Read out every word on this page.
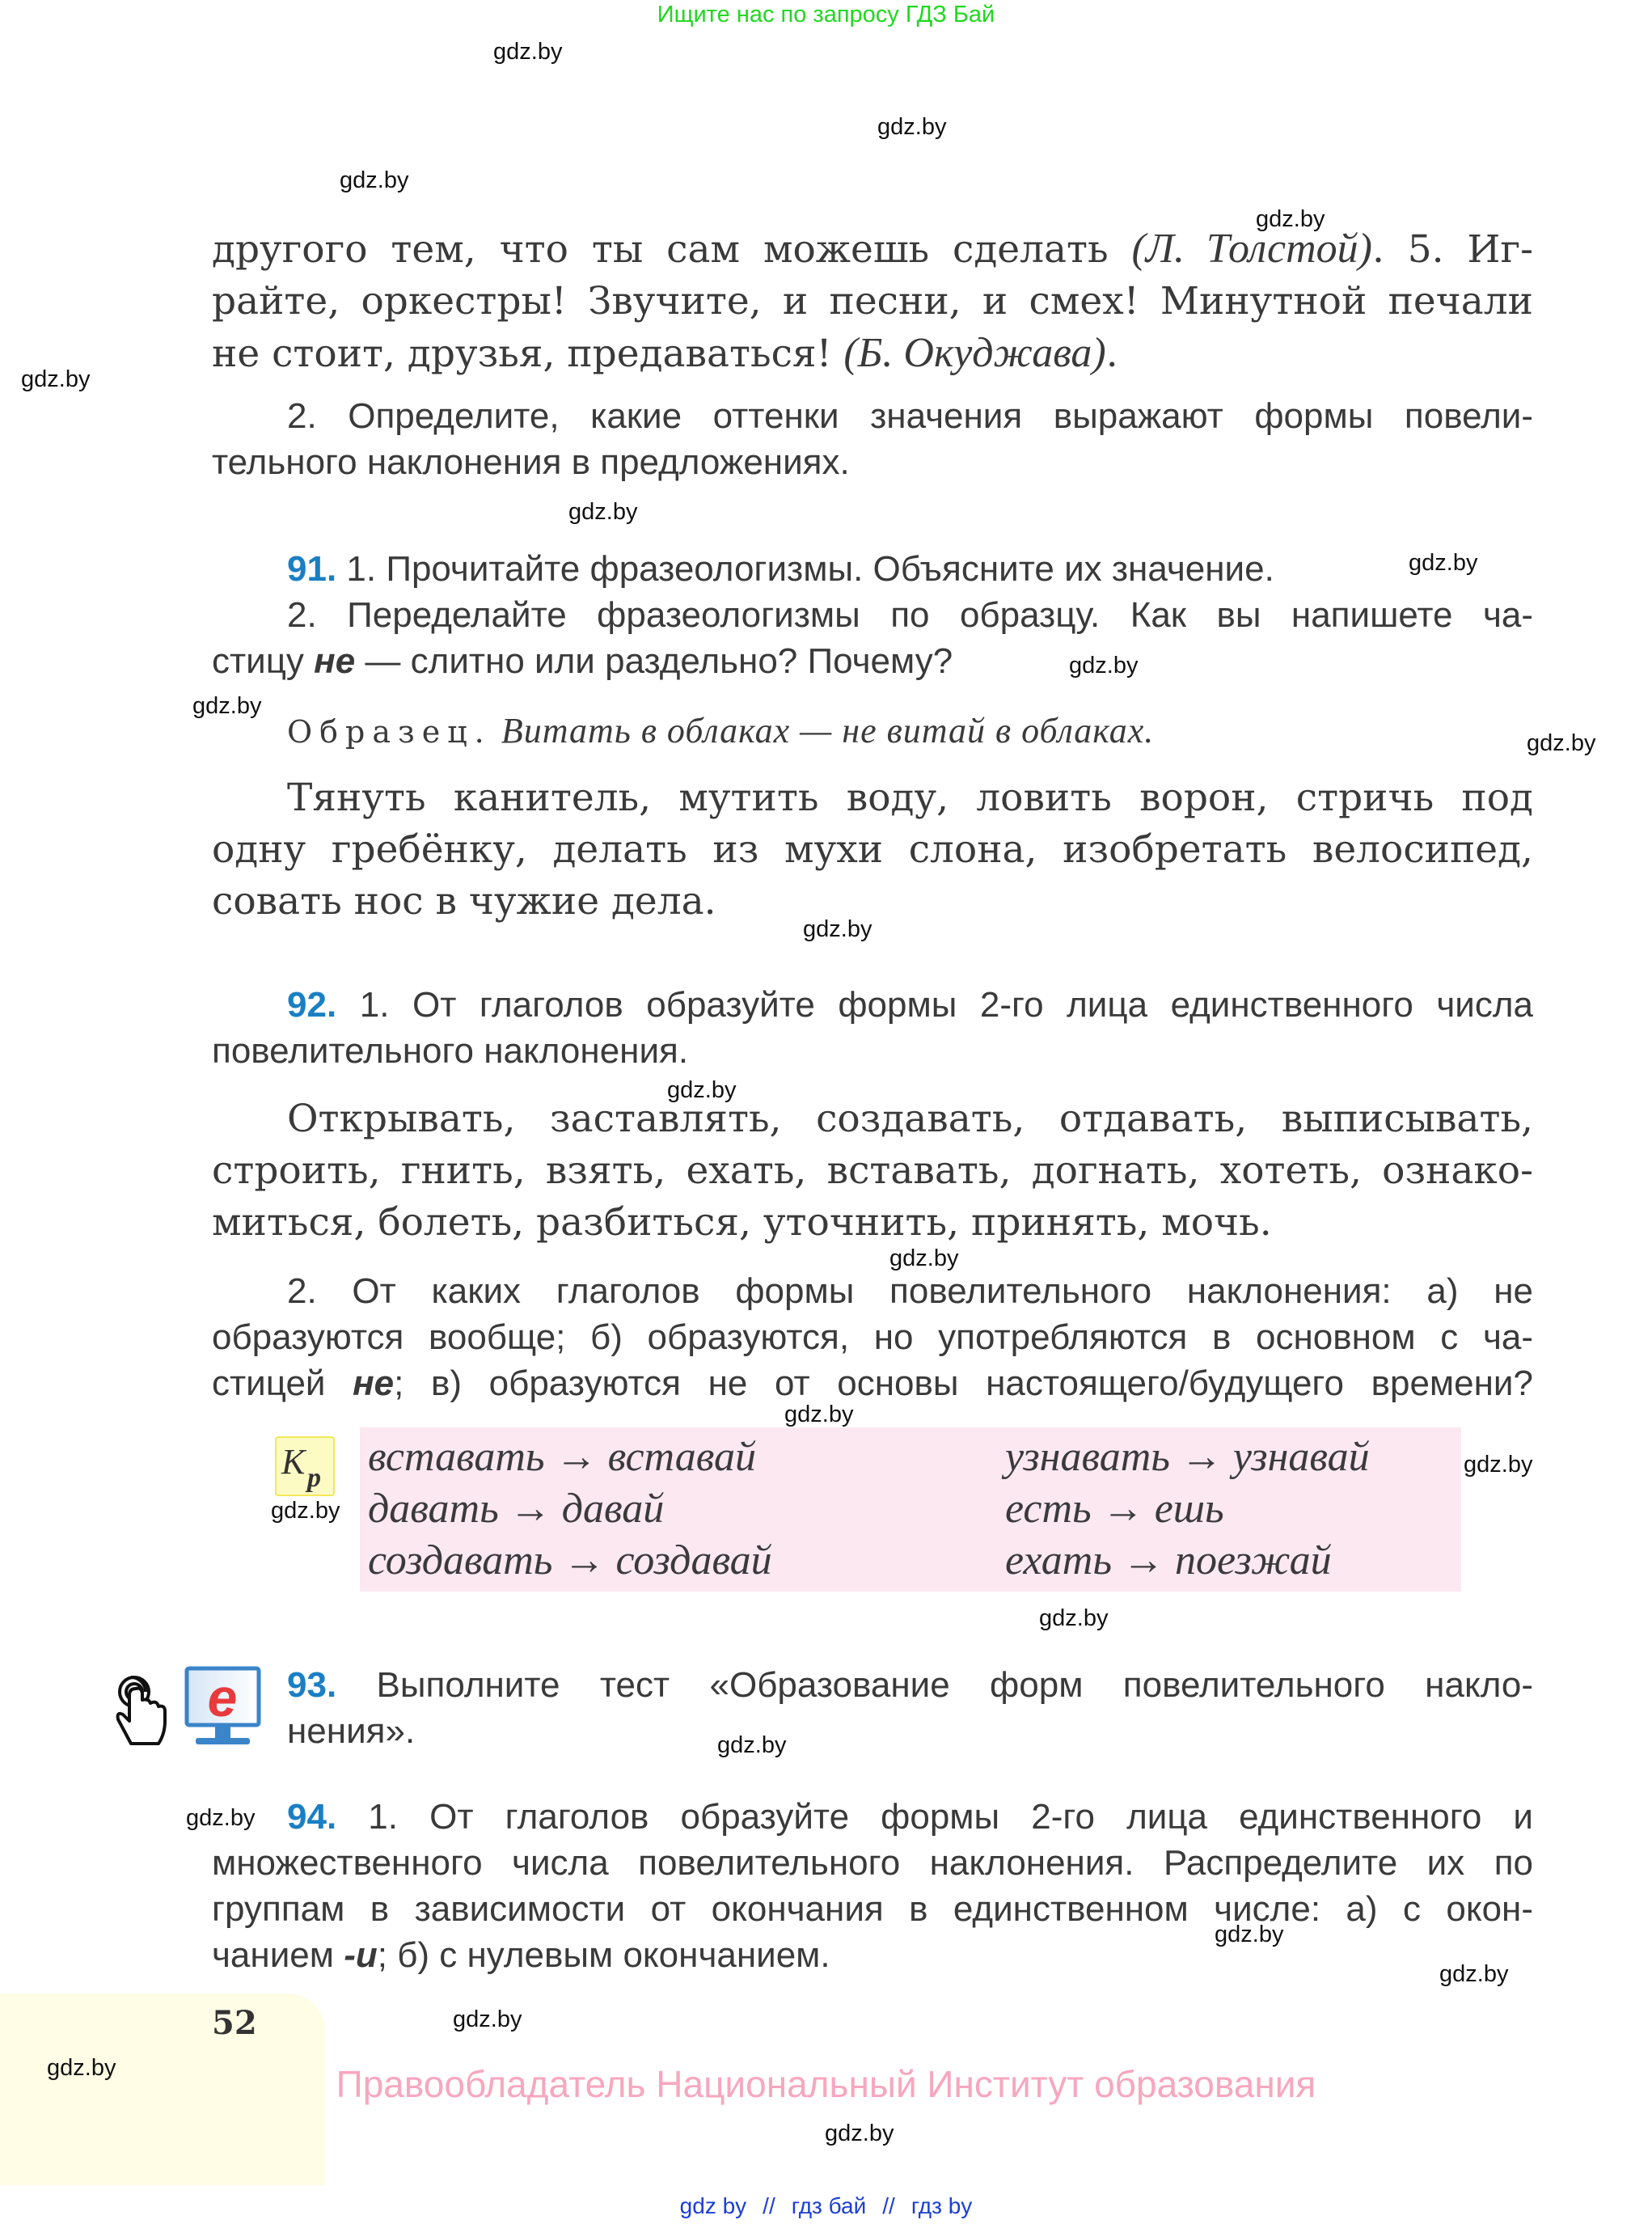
Ищите нас по запросу ГДЗ Бай
52
другого тем, что ты сам можешь сделать (Л. Толстой). 5. Иг-
райте, оркестры! Звучите, и песни, и смех! Минутной печали
не стоит, друзья, предаваться! (Б. Окуджава).
2. Определите, какие оттенки значения выражают формы повели-
тельного наклонения в предложениях.
91. 1. Прочитайте фразеологизмы. Объясните их значение.
2. Переделайте фразеологизмы по образцу. Как вы напишете ча-
стицу не — слитно или раздельно? Почему?
Образец. Витать в облаках — не витай в облаках.
Тянуть канитель, мутить воду, ловить ворон, стричь под
одну гребёнку, делать из мухи слона, изобретать велосипед,
совать нос в чужие дела.
92. 1. От глаголов образуйте формы 2-го лица единственного числа
повелительного наклонения.
Открывать, заставлять, создавать, отдавать, выписывать,
строить, гнить, взять, ехать, вставать, догнать, хотеть, ознако-
миться, болеть, разбиться, уточнить, принять, мочь.
2. От каких глаголов формы повелительного наклонения: а) не
образуются вообще; б) образуются, но употребляются в основном с ча-
стицей не; в) образуются не от основы настоящего/будущего времени?
К р вставать → вставай
давать → давай
создавать → создавай
узнавать → узнавай
есть → ешь
ехать → поезжай
e 93. Выполните тест «Образование форм повелительного накло-
нения».
94. 1. От глаголов образуйте формы 2-го лица единственного и
множественного числа повелительного наклонения. Распределите их по
группам в зависимости от окончания в единственном числе: а) с окон-
чанием -и; б) с нулевым окончанием.
Правообладатель Национальный Институт образования
gdz by // гдз бай // гдз by
gdz.by
gdz.by
gdz.by
gdz.by
gdz.by
gdz.by
gdz.by
gdz.by
gdz.by
gdz.by
gdz.by
gdz.by
gdz.by
gdz.by
gdz.by
gdz.by
gdz.by
gdz.by
gdz.by
gdz.by
gdz.by
gdz.by
gdz.by
gdz.by
